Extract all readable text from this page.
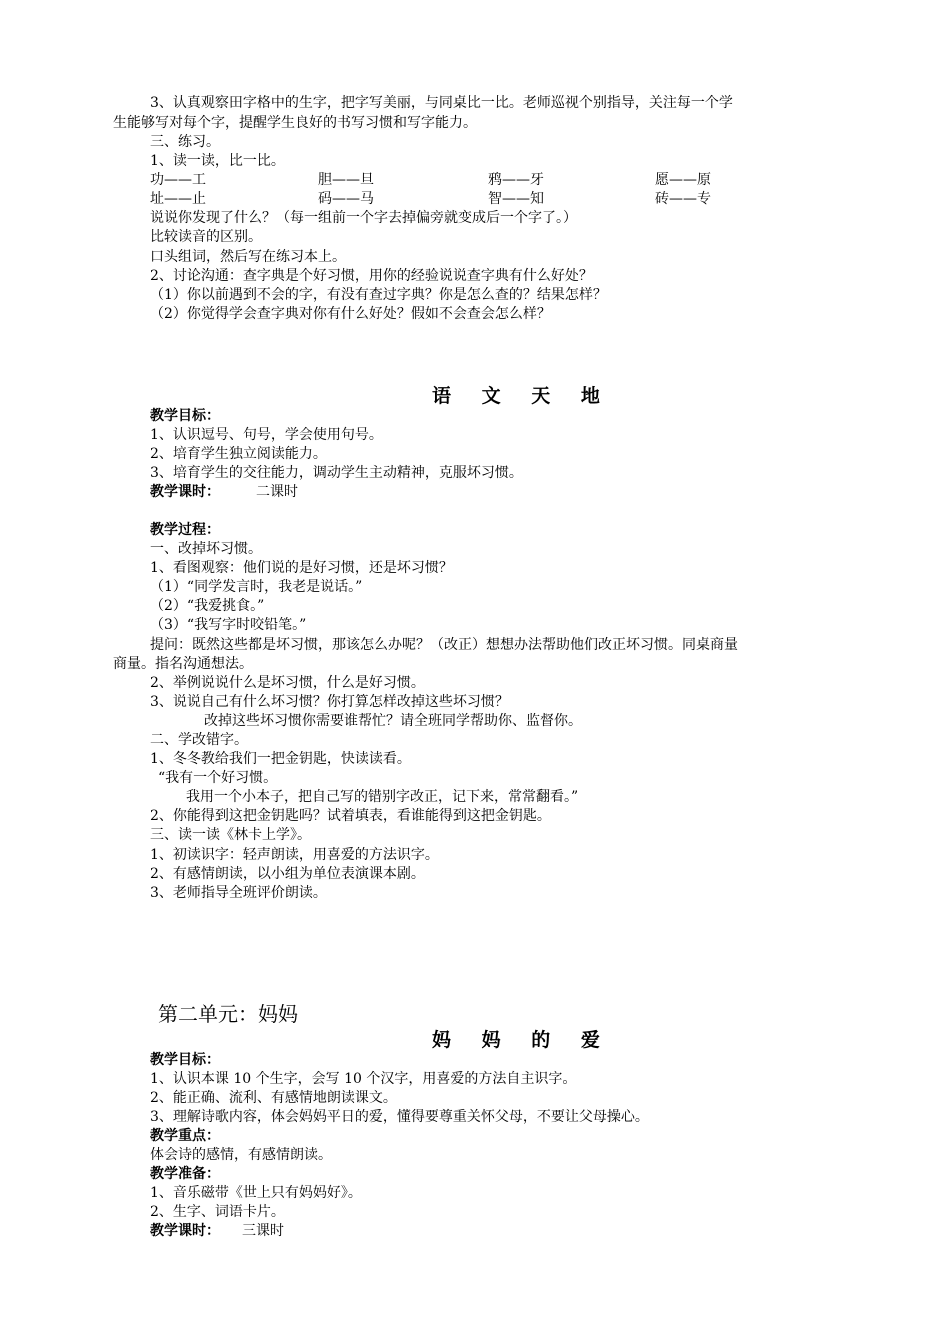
3、认真观察田字格中的生字，把字写美丽，与同桌比一比。老师巡视个别指导，关注每一个学
生能够写对每个字，提醒学生良好的书写习惯和写字能力。
三、练习。
1、读一读，比一比。
功——工	胆——旦	鸦——牙	愿——原
址——止	码——马	智——知	砖——专
说说你发现了什么？（每一组前一个字去掉偏旁就变成后一个字了。）
比较读音的区别。
口头组词，然后写在练习本上。
2、讨论沟通：查字典是个好习惯，用你的经验说说查字典有什么好处？
（1）你以前遇到不会的字，有没有查过字典？你是怎么查的？结果怎样？
（2）你觉得学会查字典对你有什么好处？假如不会查会怎么样？
语 文 天 地
教学目标：
1、认识逗号、句号，学会使用句号。
2、培育学生独立阅读能力。
3、培育学生的交往能力，调动学生主动精神，克服坏习惯。
教学课时：	二课时
教学过程：
一、改掉坏习惯。
1、看图观察：他们说的是好习惯，还是坏习惯？
（1）“同学发言时，我老是说话。”
（2）“我爱挑食。”
（3）“我写字时咬铅笔。”
提问：既然这些都是坏习惯，那该怎么办呢？（改正）想想办法帮助他们改正坏习惯。同桌商量
商量。指名沟通想法。
2、举例说说什么是坏习惯，什么是好习惯。
3、说说自己有什么坏习惯？你打算怎样改掉这些坏习惯？
改掉这些坏习惯你需要谁帮忙？请全班同学帮助你、监督你。
二、学改错字。
1、冬冬教给我们一把金钥匙，快读读看。
“我有一个好习惯。
我用一个小本子，把自己写的错别字改正，记下来，常常翻看。”
2、你能得到这把金钥匙吗？试着填表，看谁能得到这把金钥匙。
三、读一读《林卡上学》。
1、初读识字：轻声朗读，用喜爱的方法识字。
2、有感情朗读，以小组为单位表演课本剧。
3、老师指导全班评价朗读。
第二单元：妈妈
妈 妈 的 爱
教学目标：
1、认识本课 10 个生字，会写 10 个汉字，用喜爱的方法自主识字。
2、能正确、流利、有感情地朗读课文。
3、理解诗歌内容，体会妈妈平日的爱，懂得要尊重关怀父母，不要让父母操心。
教学重点：
体会诗的感情，有感情朗读。
教学准备：
1、音乐磁带《世上只有妈妈好》。
2、生字、词语卡片。
教学课时： 三课时
